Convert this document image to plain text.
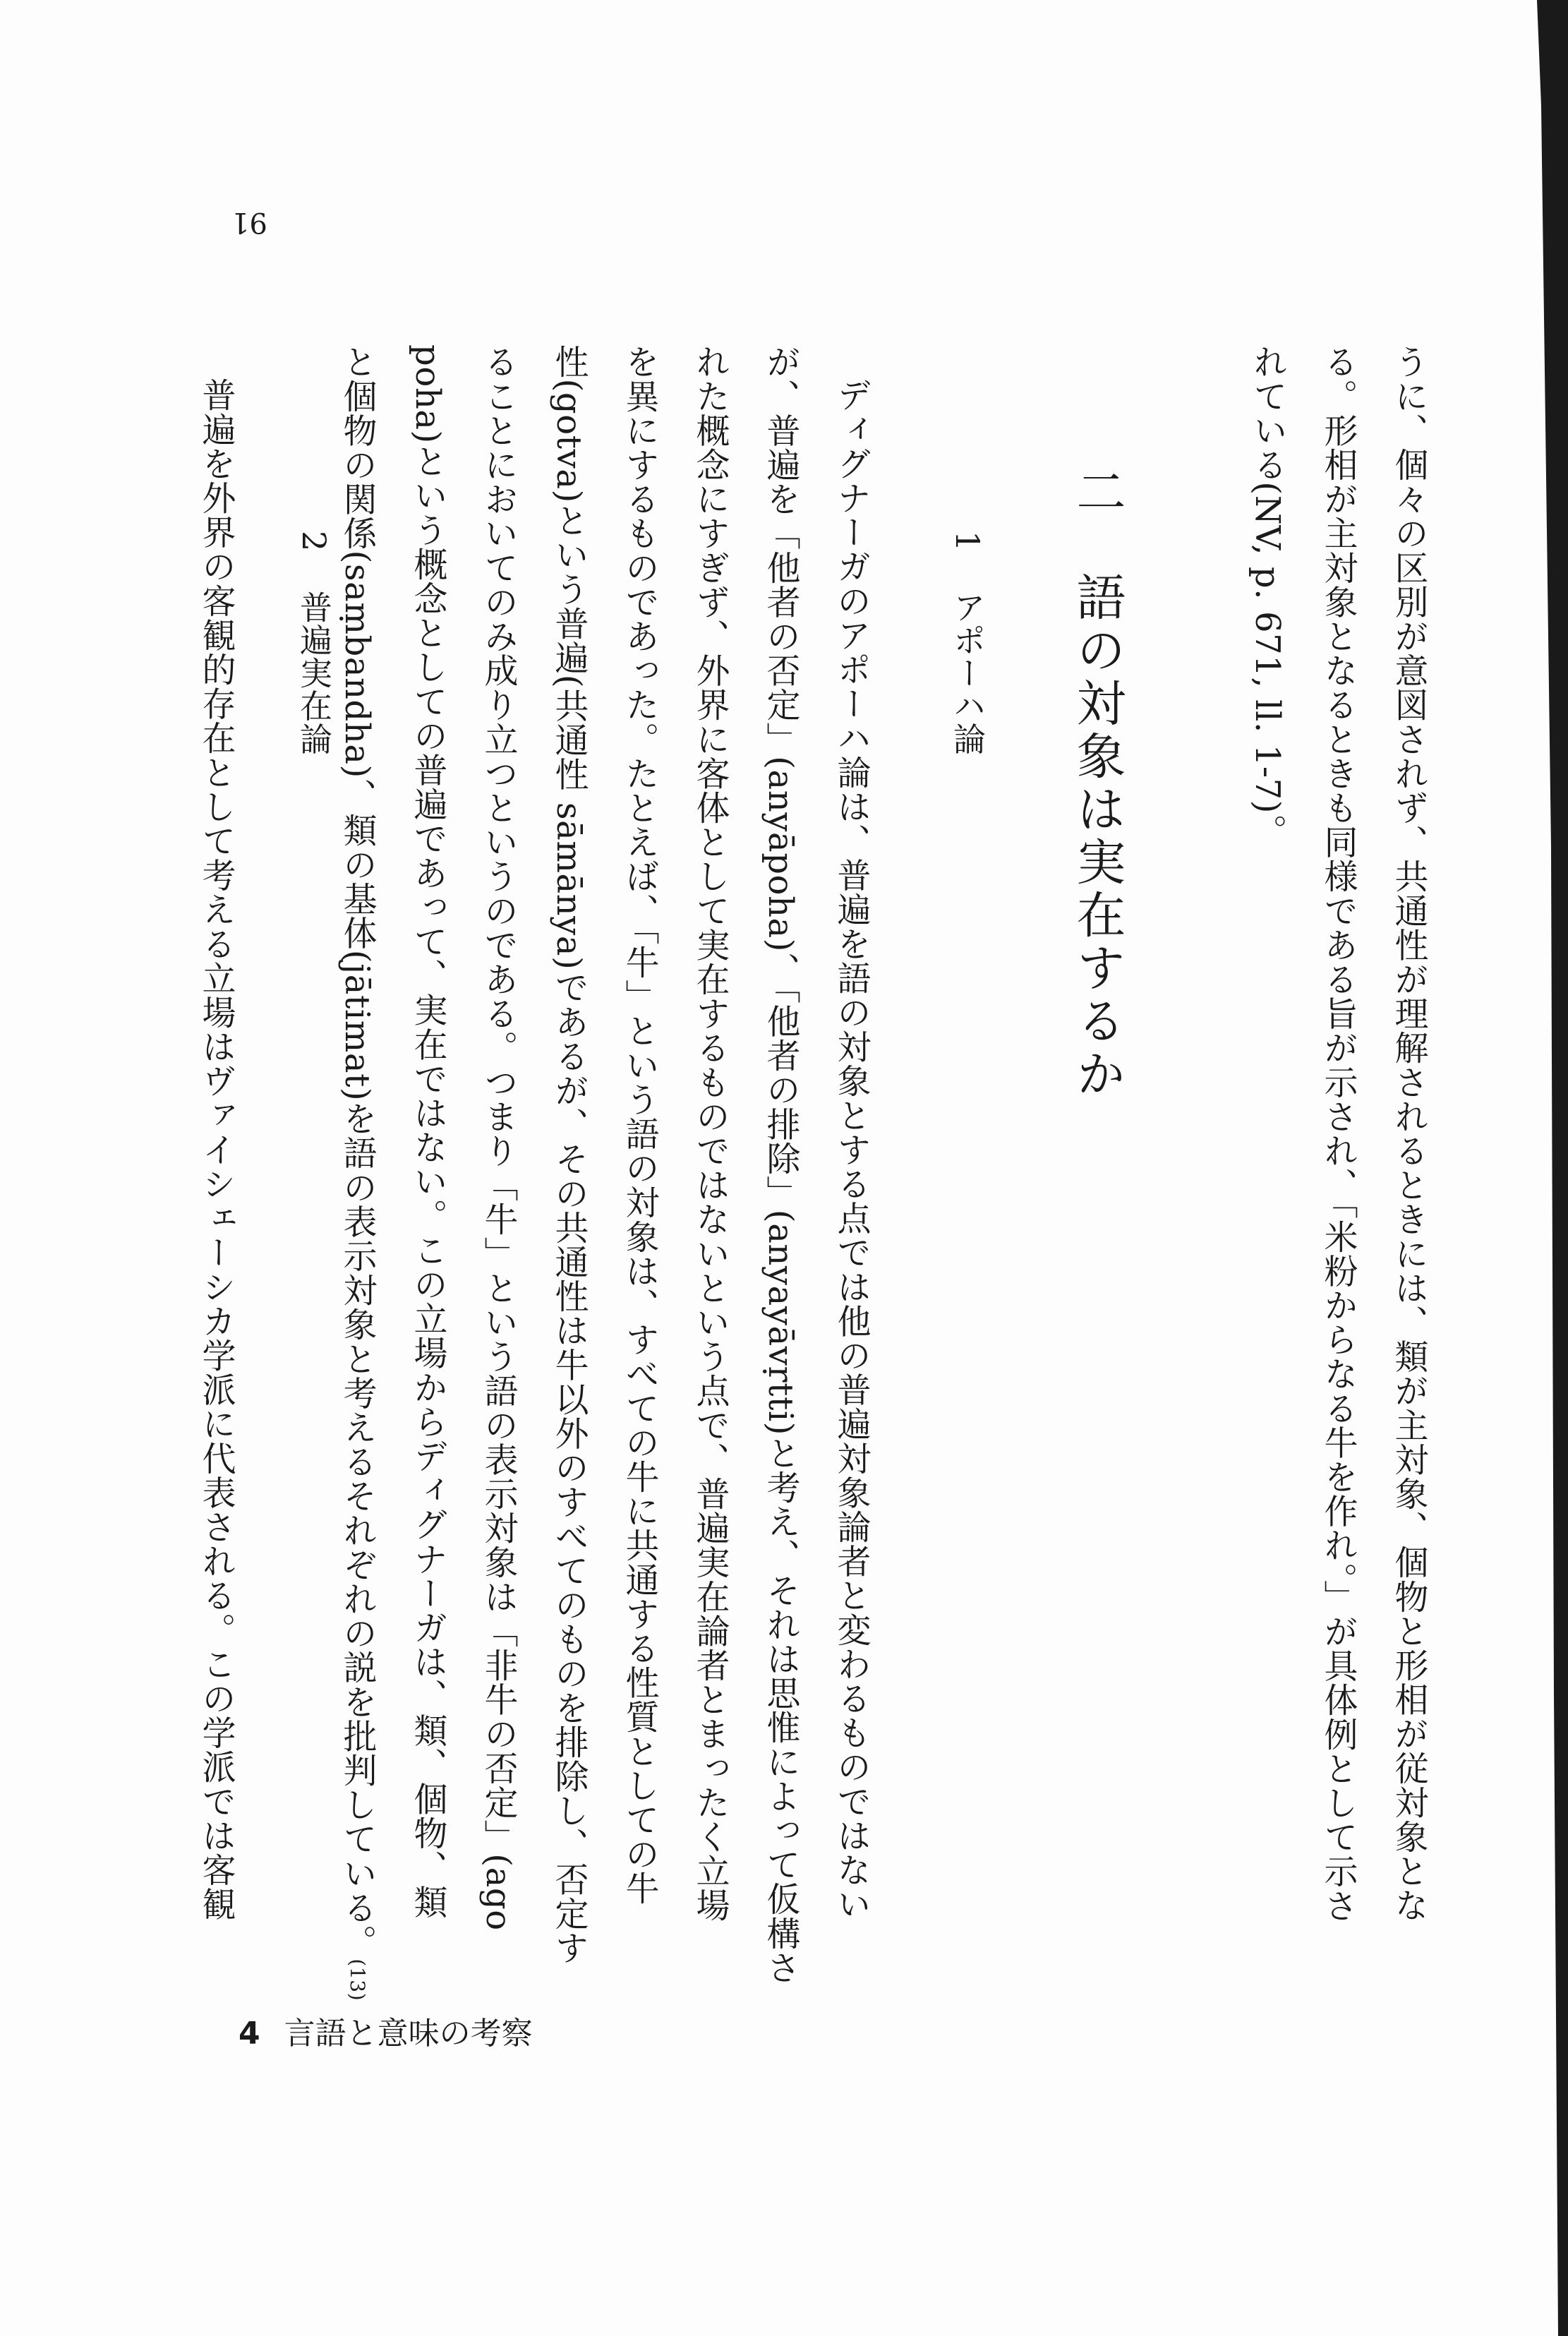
91
うに、個々の区別が意図されず、共通性が理解されるときには、類が主対象、個物と形相が従対象とな
る。形相が主対象となるときも同様である旨が示され、「米粉からなる牛を作れ。」が具体例として示さ
れている(NV, p. 671, ll. 1-7)。
二　語の対象は実在するか
1アポーハ論
ディグナーガのアポーハ論は、普遍を語の対象とする点では他の普遍対象論者と変わるものではない
が、普遍を「他者の否定」(anyāpoha)、「他者の排除」(anyayāvṛtti)と考え、それは思惟によって仮構さ
れた概念にすぎず、外界に客体として実在するものではないという点で、普遍実在論者とまったく立場
を異にするものであった。たとえば、「牛」という語の対象は、すべての牛に共通する性質としての牛
性(gotva)という普遍(共通性 sāmānya)であるが、その共通性は牛以外のすべてのものを排除し、否定す
ることにおいてのみ成り立つというのである。つまり「牛」という語の表示対象は「非牛の否定」(ago
poha)という概念としての普遍であって、実在ではない。この立場からディグナーガは、類、個物、類
と個物の関係(saṃbandha)、類の基体(jātimat)を語の表示対象と考えるそれぞれの説を批判している。(13)
2普遍実在論
普遍を外界の客観的存在として考える立場はヴァイシェーシカ学派に代表される。この学派では客観
4 言語と意味の考察
